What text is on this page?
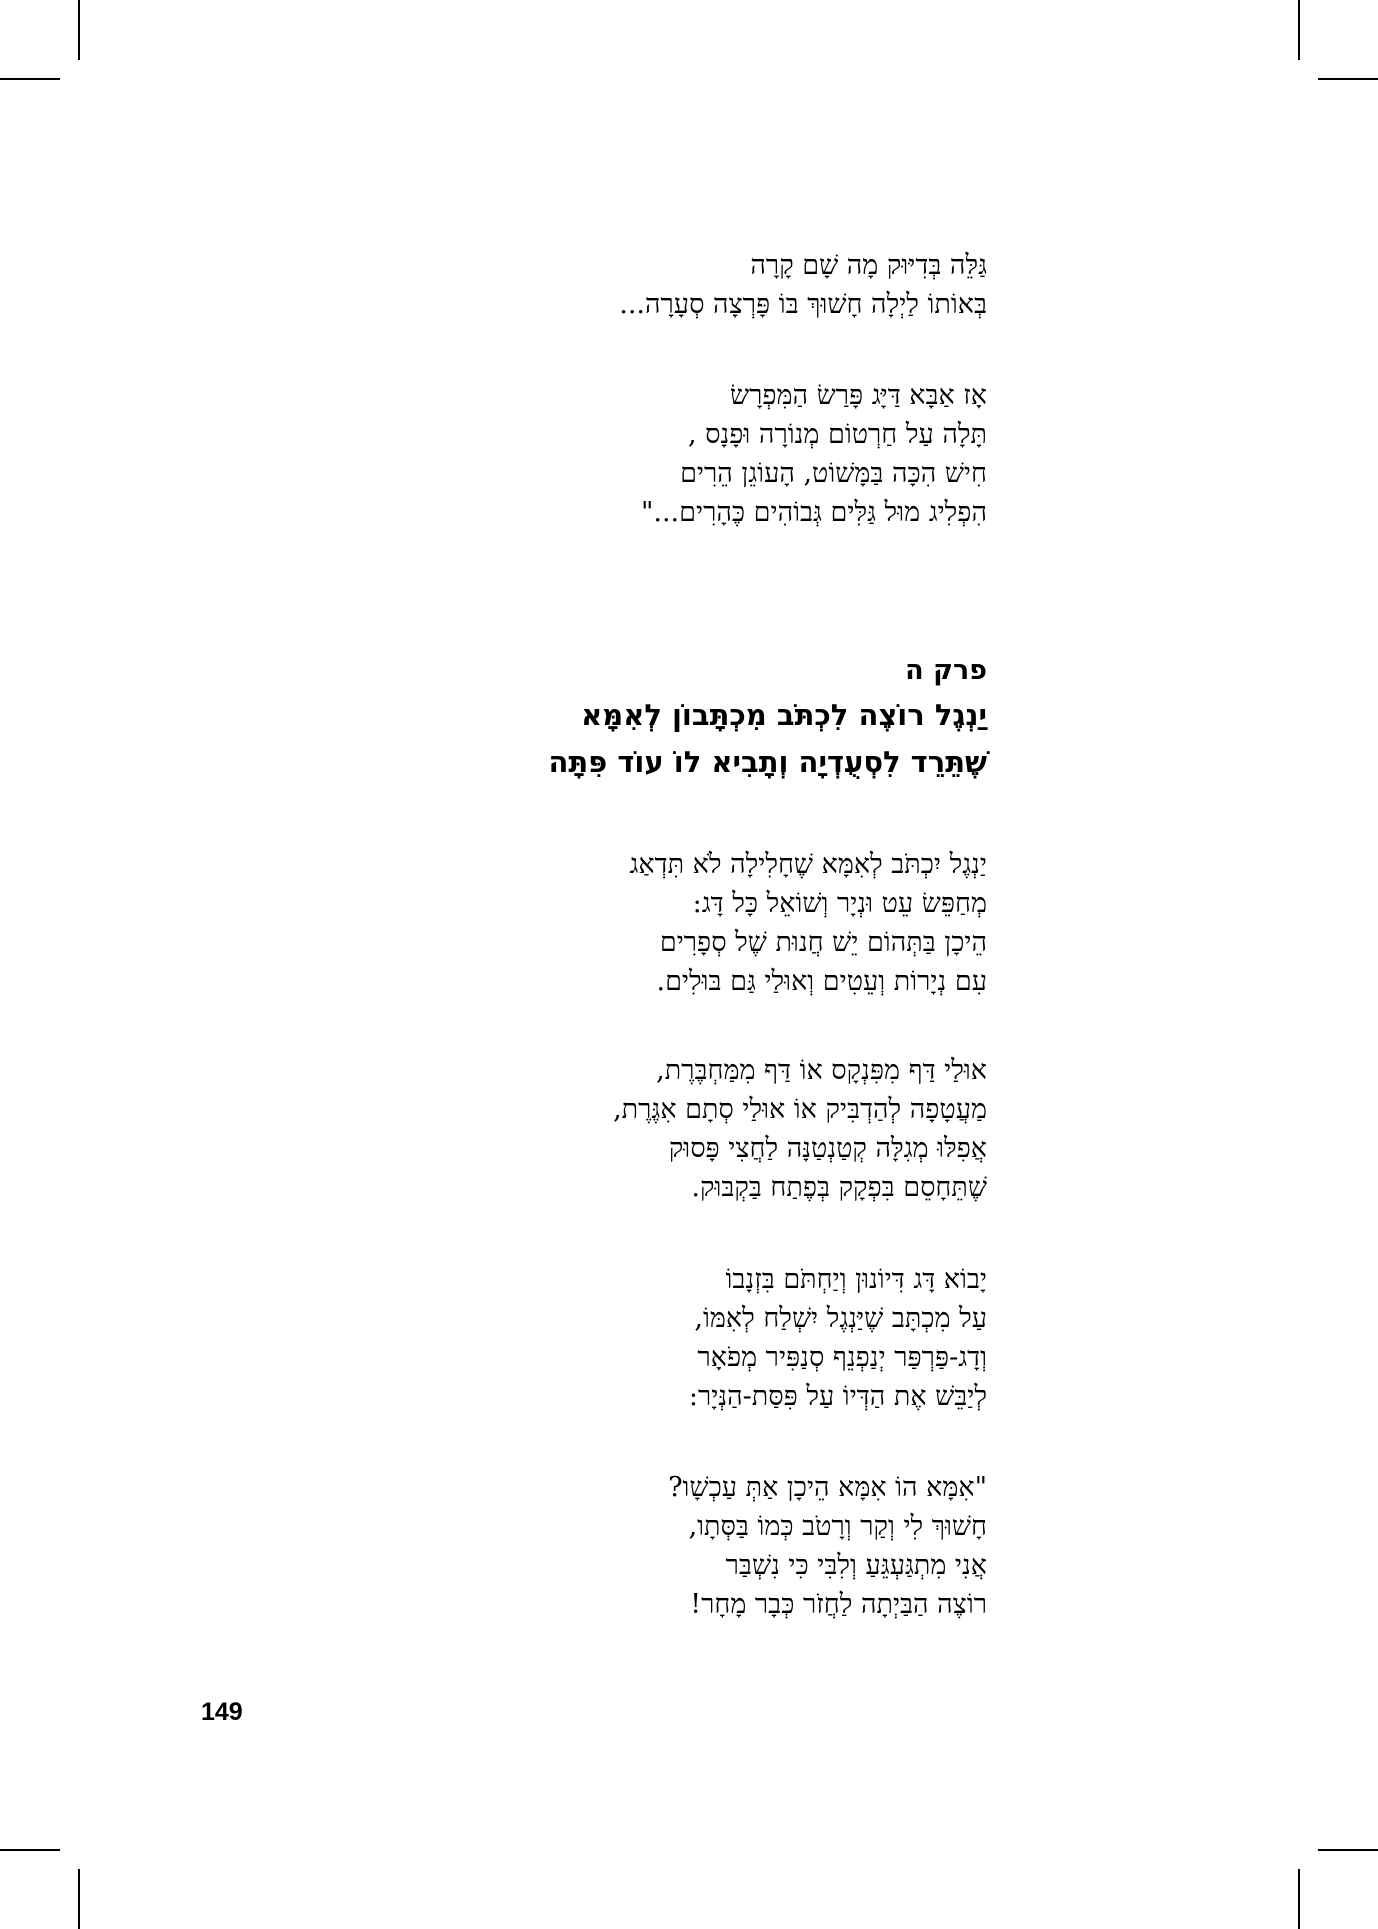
גַּלֵּה בְּדִיּוּק מָה שָׁם קָרָה
בְּאוֹתוֹ לַיְלָה חָשׁוּךְ בּוֹ פָּרְצָה סְעָרָה...
אָז אַבָּא דַּיָּג פָּרַשׂ הַמִּפְרָשׂ
תָּלָה עַל חַרְטוֹם מְנוֹרָה וּפָנָס ,
חִישׁ הִכָּה בַּמָּשׁוֹט, הָעוֹגֵן הֵרִים
הִפְלִיג מוּל גַּלִּים גְּבוֹהִים כֶּהָרִים..."
פרק ה
יַנְגֶל רוֹצֶה לִכְתֹּב מִכְתָּבוֹן לְאִמָּא
שֶׁתֵּרֵד לִסְעֻדְיָה וְתָבִיא לוֹ עוֹד פִּתָּה
יַנְגֶל יִכְתֹּב לְאִמָּא שֶׁחָלִילָה לֹא תִּדְאַג
מְחַפֵּשׂ עֵט וּנְיָר וְשׁוֹאֵל כָּל דָּג:
הֵיכָן בַּתְּהוֹם יֵשׁ חֲנוּת שֶׁל סְפָרִים
עִם נְיָרוֹת וְעֵטִים וְאוּלַי גַּם בּוּלִים.
אוּלַי דַּף מִפִּנְקָס אוֹ דַּף מִמַּחְבֶּרֶת,
מַעֲטָפָה לְהַדְבִּיק אוֹ אוּלַי סְתָם אִגֶּרֶת,
אֲפִלּוּ מְגִלָּה קְטַנְטַנָּה לַחֲצִי פָּסוּק
שֶׁתֵּחָסֵם בִּפְקָק בְּפֶתַח בַּקְבּוּק.
יָבוֹא דָּג דִּיוֹנוּן וְיַחְתֹּם בִּזְנָבוֹ
עַל מִכְתָּב שֶׁיַּנְגֶל יִשְׁלַח לְאִמּוֹ,
וְדָג-פַּרְפַּר יְנַפְנֵף סְנַפִּיר מְפֹאָר
לְיַבֵּשׁ אֶת הַדְּיוֹ עַל פִּסַּת-הַנְּיָר:
"אִמָּא הוֹ אִמָּא הֵיכָן אַתְּ עַכְשָׁו?
חָשׁוּךְ לִי וְקַר וְרָטֹב כְּמוֹ בַּסְּתָו,
אֲנִי מִתְגַּעְגֵּעַ וְלִבִּי כִּי נִשְׁבַּר
רוֹצֶה הַבַּיְתָה לַחֲזֹר כְּבָר מָחָר!
149
